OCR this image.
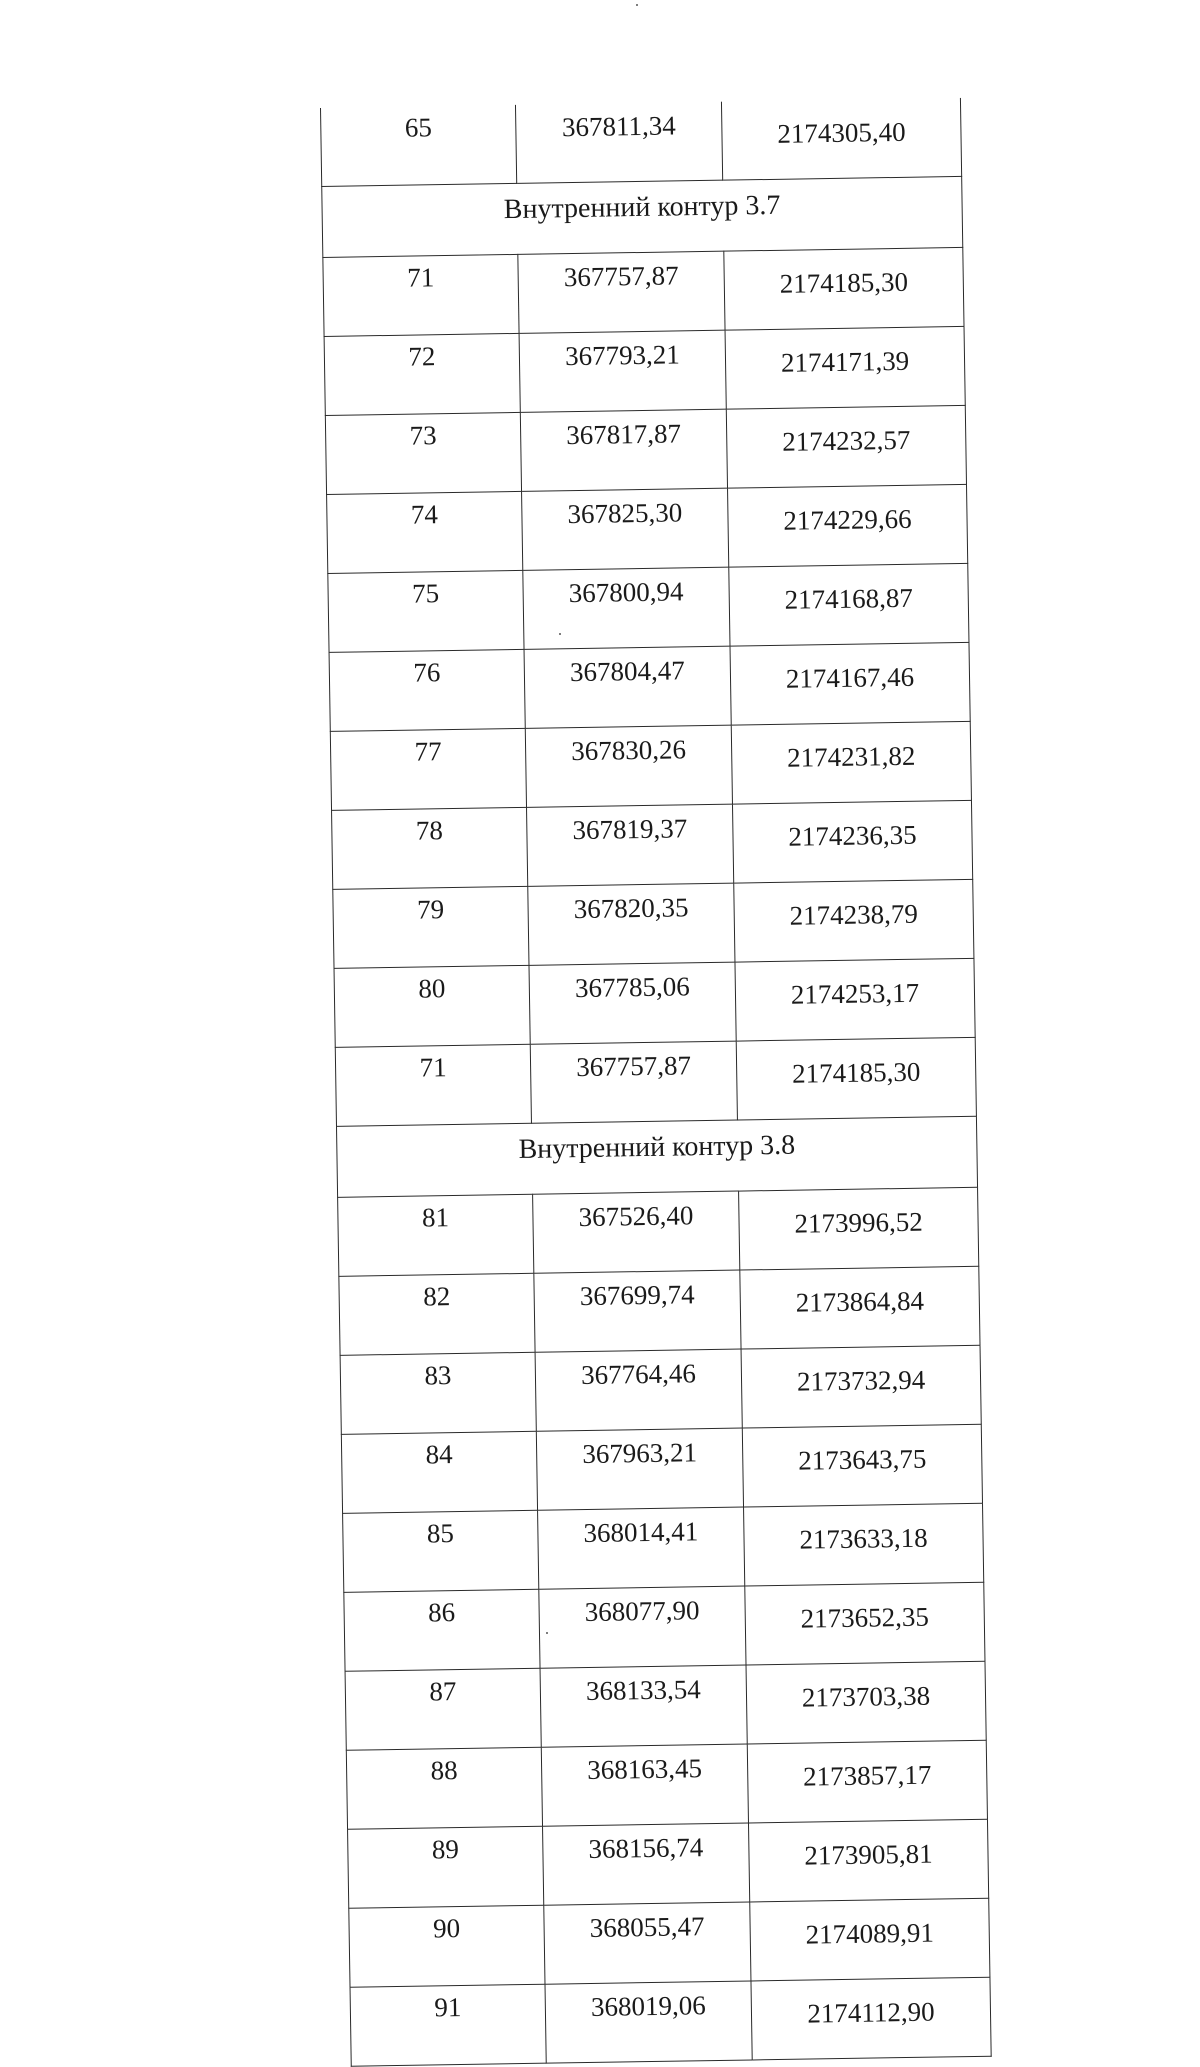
65	367811,34	2174305,40
Внутренний контур 3.7		
71	367757,87	2174185,30
72	367793,21	2174171,39
73	367817,87	2174232,57
74	367825,30	2174229,66
75	367800,94	2174168,87
76	367804,47	2174167,46
77	367830,26	2174231,82
78	367819,37	2174236,35
79	367820,35	2174238,79
80	367785,06	2174253,17
71	367757,87	2174185,30
Внутренний контур 3.8		
81	367526,40	2173996,52
82	367699,74	2173864,84
83	367764,46	2173732,94
84	367963,21	2173643,75
85	368014,41	2173633,18
86	368077,90	2173652,35
87	368133,54	2173703,38
88	368163,45	2173857,17
89	368156,74	2173905,81
90	368055,47	2174089,91
91	368019,06	2174112,90
